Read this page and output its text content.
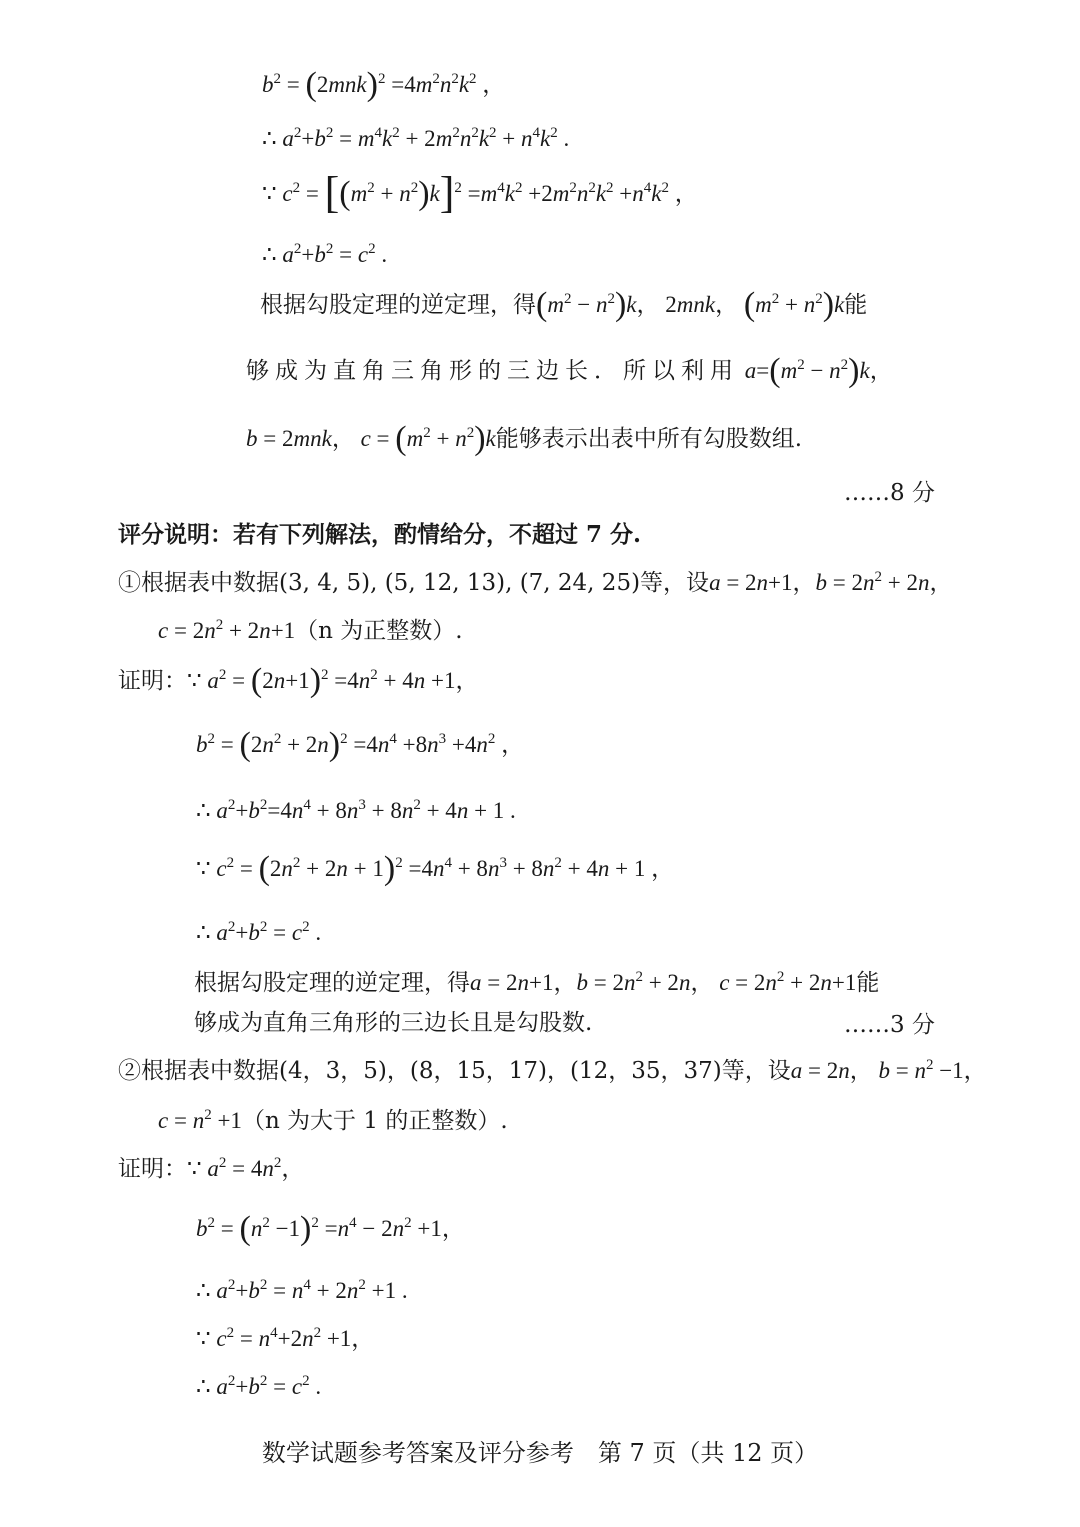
$b^2 = (2mnk)^2 =4m^2n^2k^2$ ，
∴ $a^2+b^2 = m^4k^2 + 2m^2n^2k^2 + n^4k^2$ .
∵ $c^2 = [(m^2 + n^2)k]^2 =m^4k^2 +2m^2n^2k^2 +n^4k^2$ ，
∴ $a^2+b^2 = c^2$ .
根据勾股定理的逆定理，得$(m^2 - n^2)k$， 2mnk， $(m^2 + n^2)k$能
够成为直角三角形的三边长．所以利用 $a=(m^2 - n^2)k$，
b = 2mnk， $c = (m^2 + n^2)k$能够表示出表中所有勾股数组.
……8 分
评分说明：若有下列解法，酌情给分，不超过 7 分.
①根据表中数据(3, 4, 5), (5, 12, 13), (7, 24, 25)等，设a = 2n+1，$b = 2n^2 + 2n$，
$c = 2n^2 + 2n+1(n$ 为正整数）.
证明：∵ $a^2 = (2n+1)^2 =4n^2 + 4n +1$，
$b^2 = (2n^2 + 2n)^2 =4n^4 +8n^3 +4n^2$ ，
∴ $a^2+b^2=4n^4 + 8n^3 + 8n^2 + 4n + 1$ .
∵ $c^2 = (2n^2 + 2n + 1)^2 =4n^4 + 8n^3 + 8n^2 + 4n + 1$ ，
∴ $a^2+b^2 = c^2$ .
根据勾股定理的逆定理，得a = 2n+1，$b = 2n^2 + 2n$， $c = 2n^2 + 2n+1$能
够成为直角三角形的三边长且是勾股数.	……3 分
②根据表中数据(4，3，5)，(8，15，17)，(12，35，37)等，设a = 2n， $b = n^2 -1$，
$c = n^2 +1(n$ 为大于 1 的正整数）.
证明：∵ $a^2 = 4n^2$，
$b^2 = (n^2 -1)^2 =n^4 - 2n^2 +1$，
∴ $a^2+b^2 = n^4 + 2n^2 +1$ .
∵ $c^2 = n^4+2n^2 +1$，
∴ $a^2+b^2 = c^2$ .
数学试题参考答案及评分参考　第 7 页（共 12 页）
